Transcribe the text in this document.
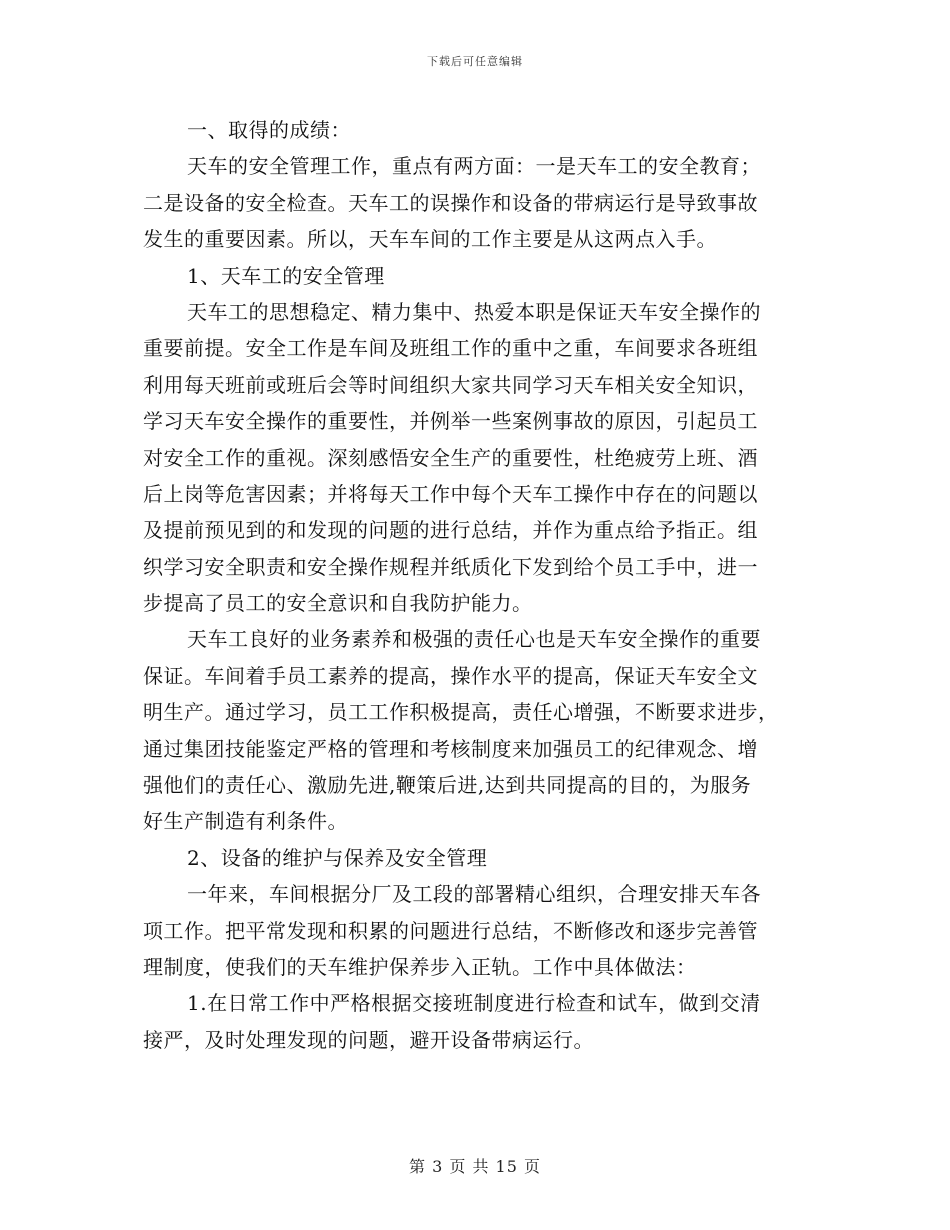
下载后可任意编辑
一、取得的成绩：
天车的安全管理工作，重点有两方面：一是天车工的安全教育；
二是设备的安全检查。天车工的误操作和设备的带病运行是导致事故
发生的重要因素。所以，天车车间的工作主要是从这两点入手。
1、天车工的安全管理
天车工的思想稳定、精力集中、热爱本职是保证天车安全操作的
重要前提。安全工作是车间及班组工作的重中之重，车间要求各班组
利用每天班前或班后会等时间组织大家共同学习天车相关安全知识，
学习天车安全操作的重要性，并例举一些案例事故的原因，引起员工
对安全工作的重视。深刻感悟安全生产的重要性，杜绝疲劳上班、酒
后上岗等危害因素；并将每天工作中每个天车工操作中存在的问题以
及提前预见到的和发现的问题的进行总结，并作为重点给予指正。组
织学习安全职责和安全操作规程并纸质化下发到给个员工手中，进一
步提高了员工的安全意识和自我防护能力。
天车工良好的业务素养和极强的责任心也是天车安全操作的重要
保证。车间着手员工素养的提高，操作水平的提高，保证天车安全文
明生产。通过学习，员工工作积极提高，责任心增强，不断要求进步，
通过集团技能鉴定严格的管理和考核制度来加强员工的纪律观念、增
强他们的责任心、激励先进,鞭策后进,达到共同提高的目的，为服务
好生产制造有利条件。
2、设备的维护与保养及安全管理
一年来，车间根据分厂及工段的部署精心组织，合理安排天车各
项工作。把平常发现和积累的问题进行总结，不断修改和逐步完善管
理制度，使我们的天车维护保养步入正轨。工作中具体做法：
1.在日常工作中严格根据交接班制度进行检查和试车，做到交清
接严，及时处理发现的问题，避开设备带病运行。
第 3 页 共 15 页
